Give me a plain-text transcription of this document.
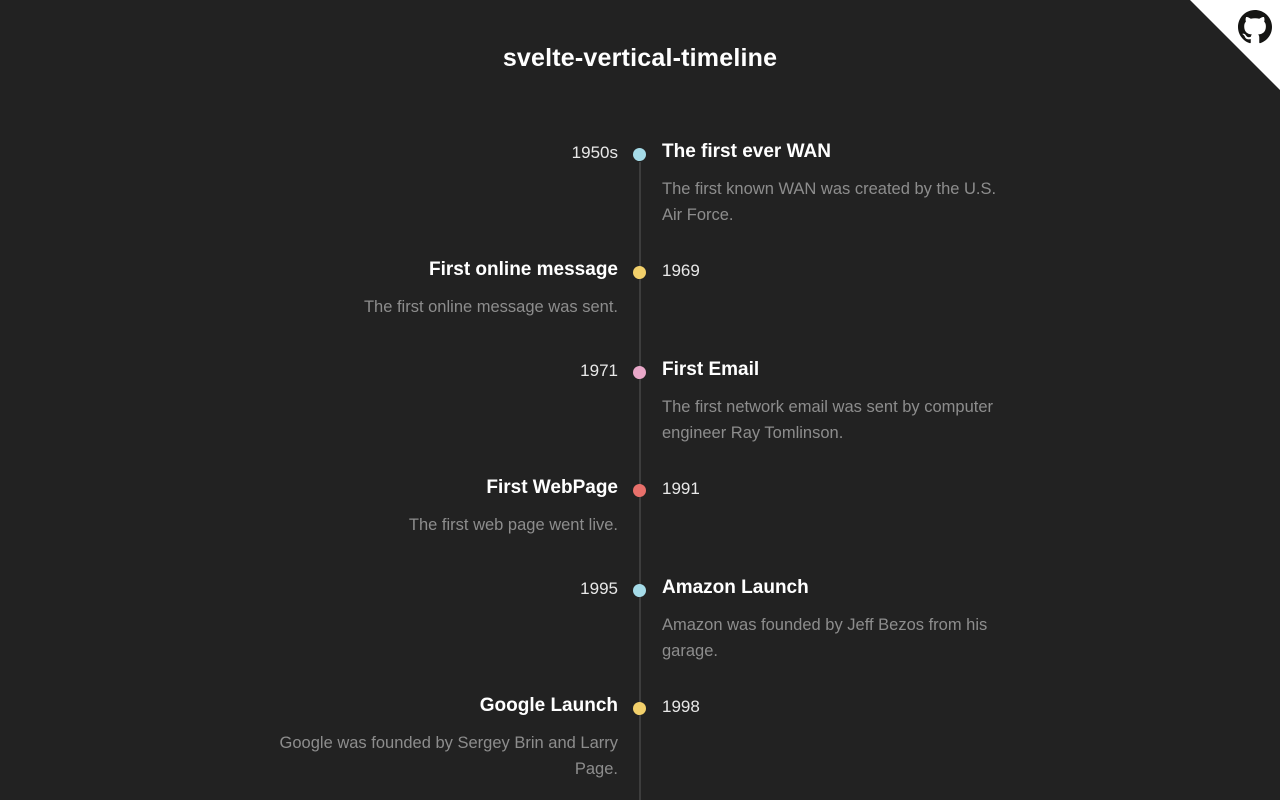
svelte-vertical-timeline
1950s The first ever WAN
The first known WAN was created by the U.S. Air Force.
1969
First online message
The first online message was sent.
1971 First Email
The first network email was sent by computer engineer Ray Tomlinson.
1991
First WebPage
The first web page went live.
1995 Amazon Launch
Amazon was founded by Jeff Bezos from his garage.
1998
Google Launch
Google was founded by Sergey Brin and Larry Page.
